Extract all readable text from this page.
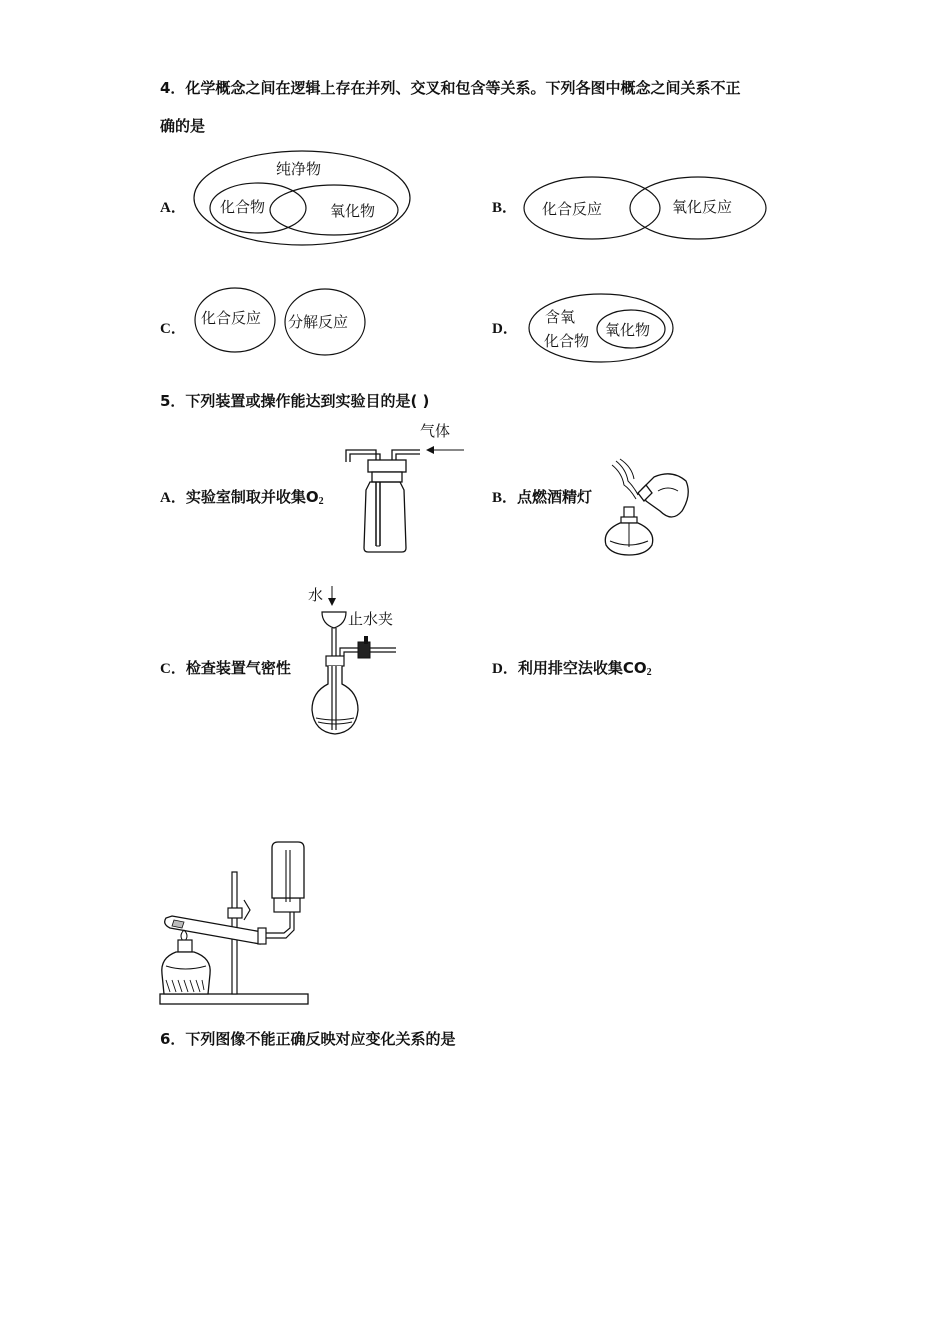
4．化学概念之间在逻辑上存在并列、交叉和包含等关系。下列各图中概念之间关系不正
确的是
A．
纯净物
化合物	氧化物	B． 化合反应	氧化反应
C．
化合反应 分解反应	D．
含氧
化合物
氧化物
5．下列装置或操作能达到实验目的是( )
A．实验室制取并收集$O_2$
气体
B．点燃酒精灯
C．检查装置气密性
水
止水夹
D．利用排空法收集$CO_2$
6．下列图像不能正确反映对应变化关系的是
